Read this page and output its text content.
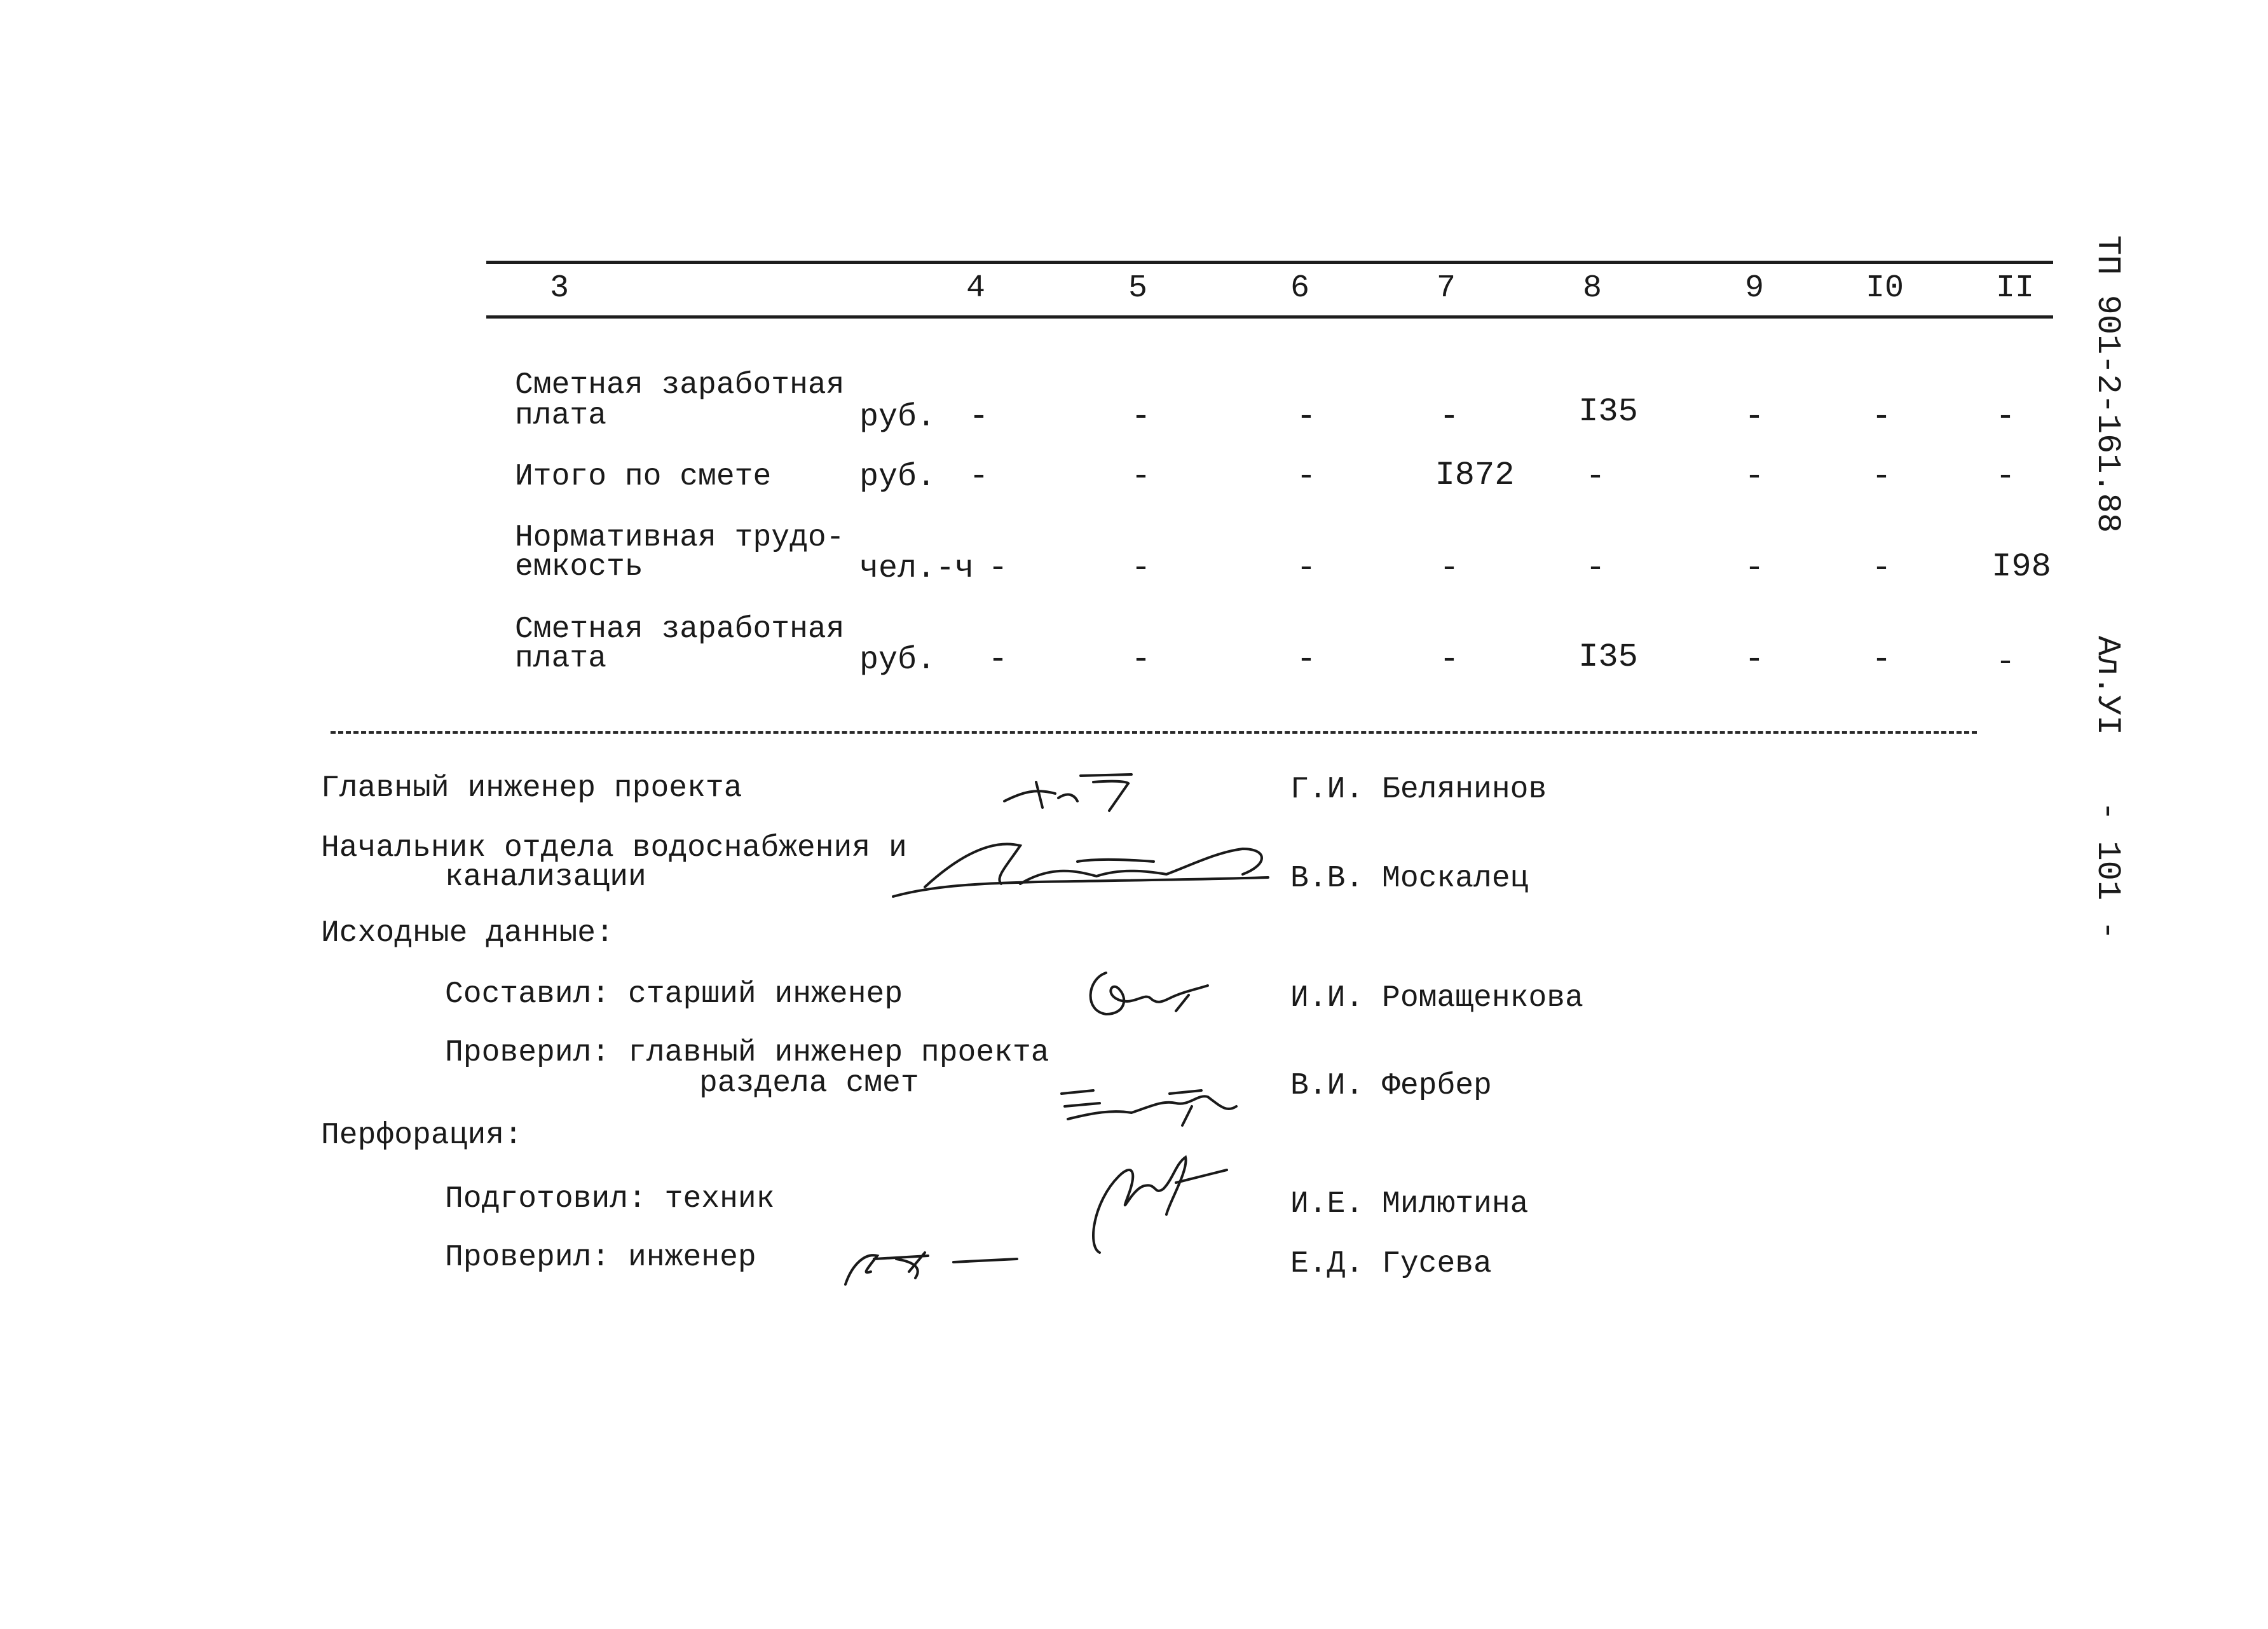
3	4	5	6	7	8	9	I0	II
Сметная заработная
плата	руб.	-	-	-	-	I35	-	-	-
Итого по смете	руб.	-	-	-	I872	-	-	-	-
Нормативная трудо-
емкость	чел.-ч -	-	-	-	-	-	-	I98
Сметная заработная
плата	руб.	-	-	-	-	I35	-	-	-
Главный инженер проекта	Г.И. Белянинов
Начальник отдела водоснабжения и
канализации	В.В. Москалец
Исходные данные:
Составил: старший инженер	И.И. Ромащенкова
Проверил: главный инженер проекта
раздела смет	В.И. Фербер
Перфорация:
Подготовил: техник	И.Е. Милютина
Проверил: инженер	Е.Д. Гусева
ТП 901-2-161.88
Ал.УI
- 101 -
